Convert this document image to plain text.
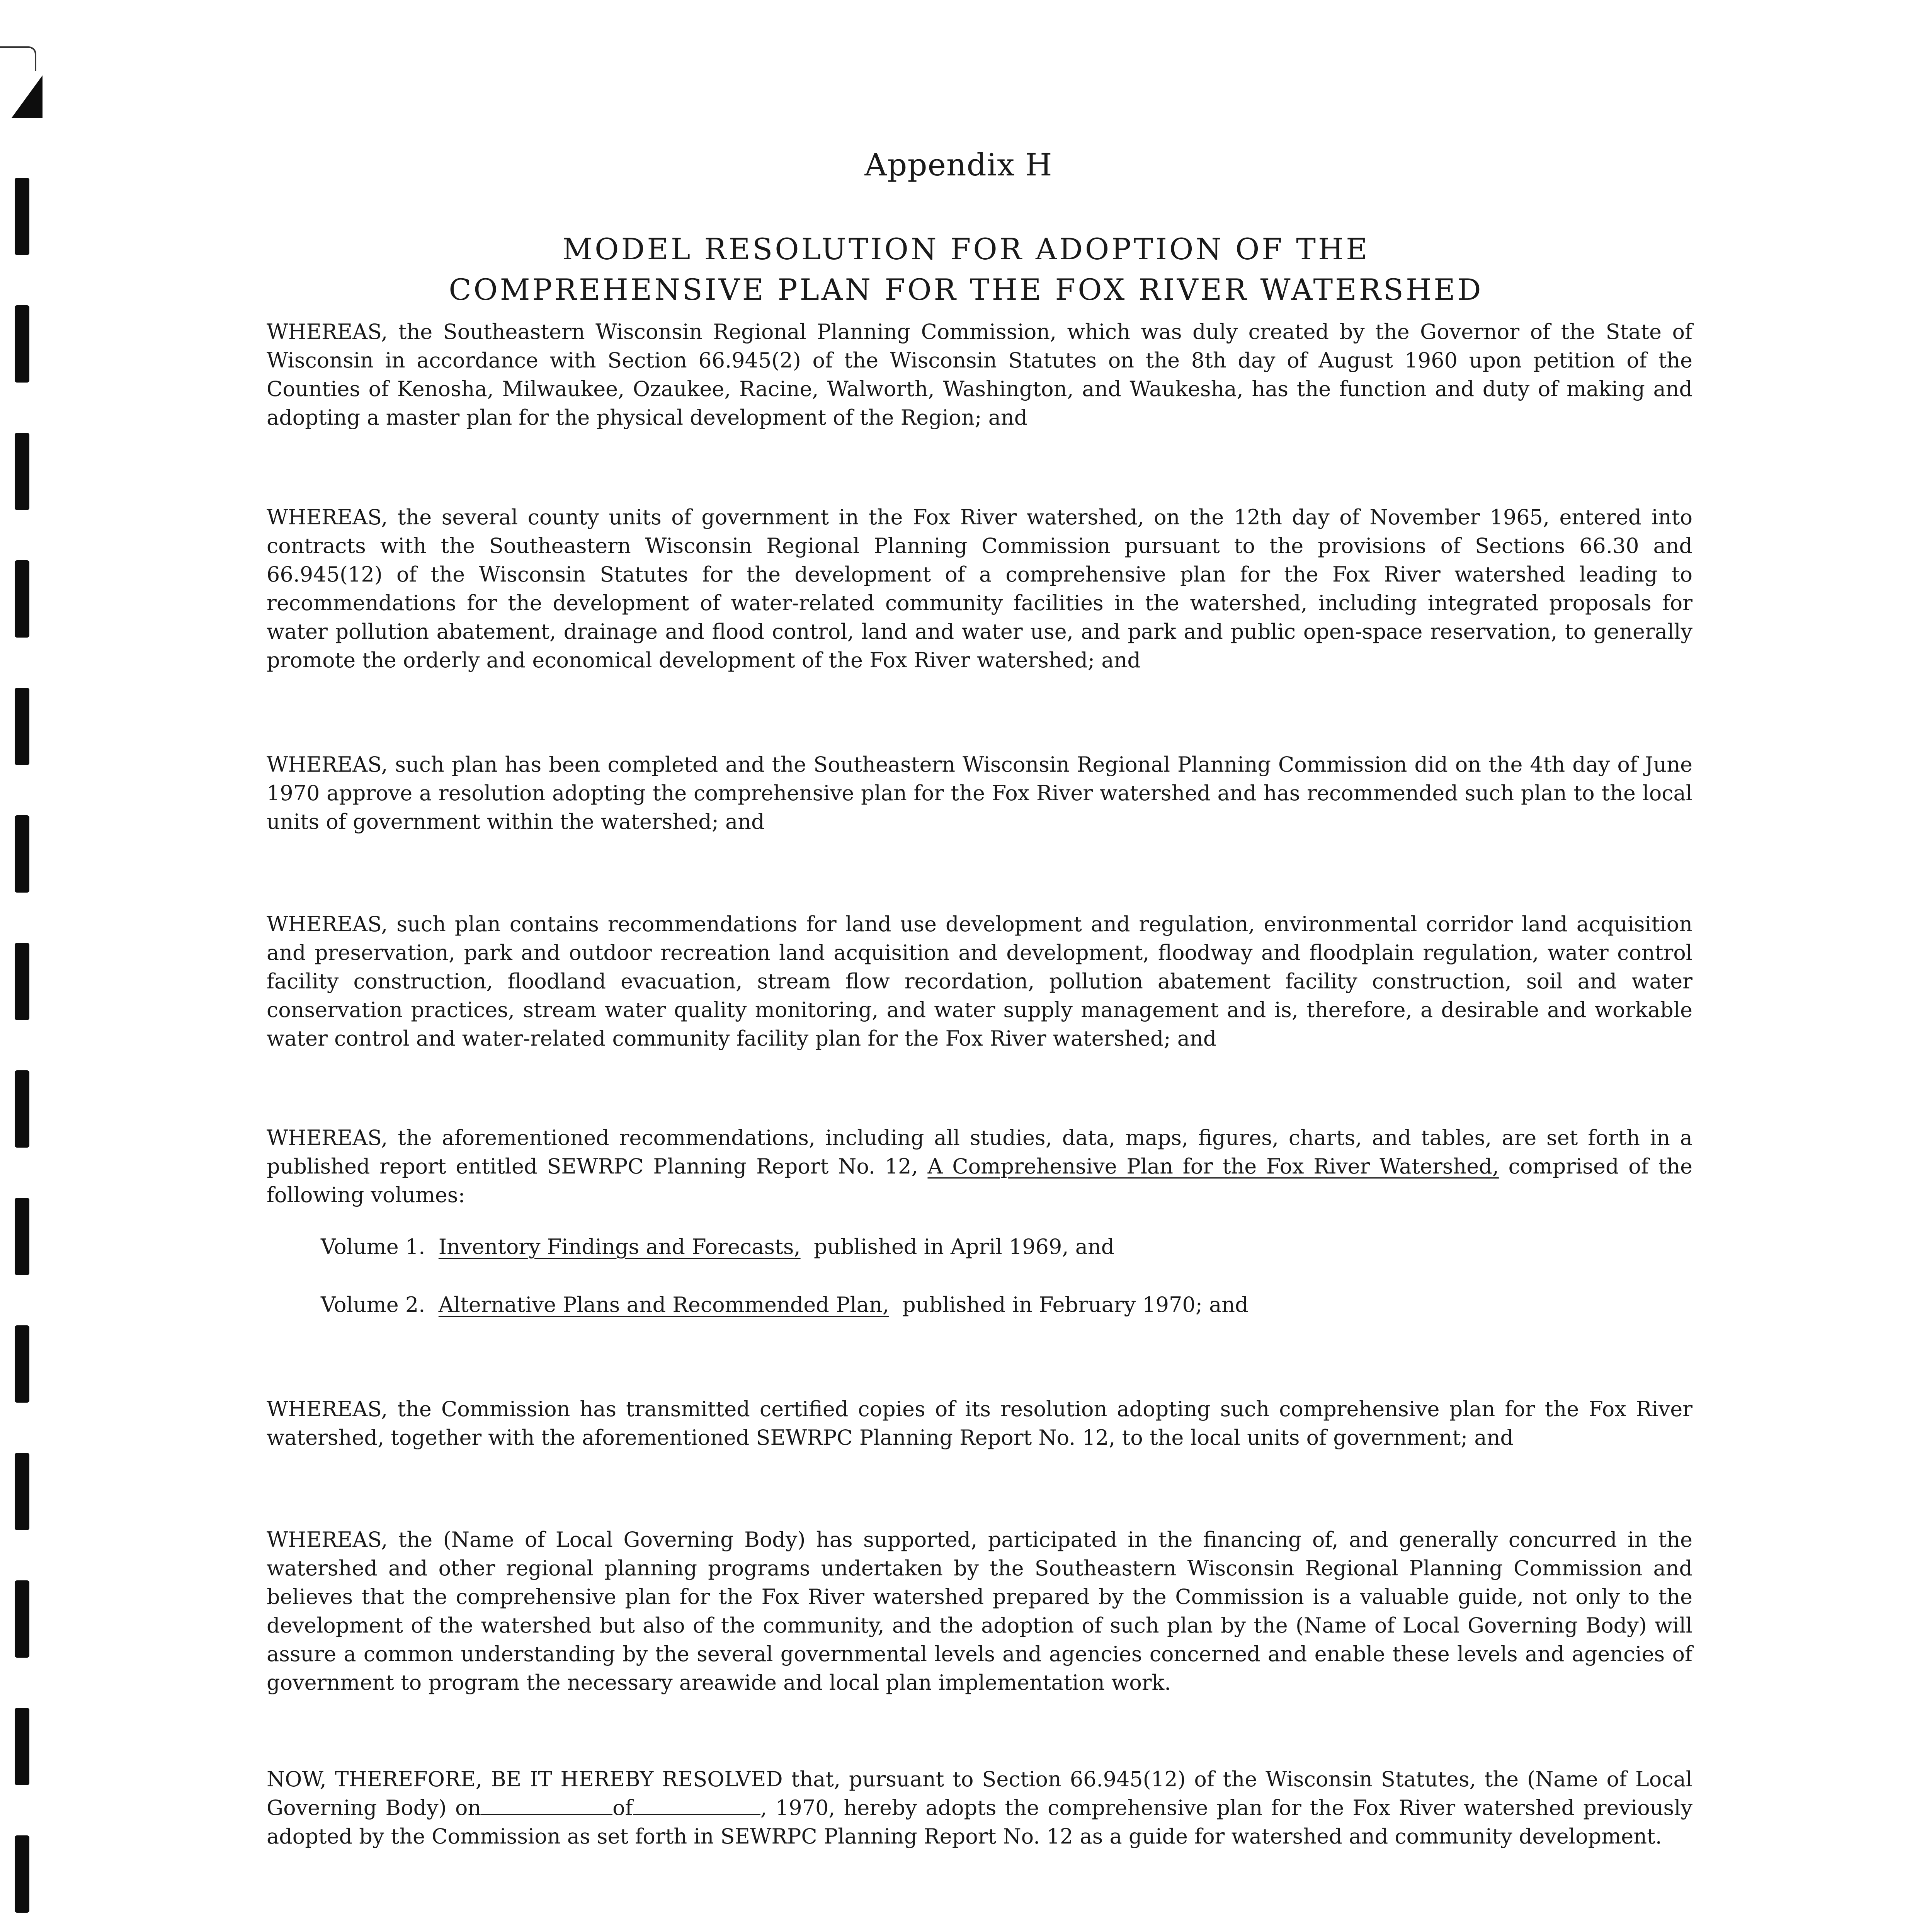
Appendix H
MODEL RESOLUTION FOR ADOPTION OF THE
COMPREHENSIVE PLAN FOR THE FOX RIVER WATERSHED

WHEREAS, the Southeastern Wisconsin Regional Planning Commission, which was duly created by the Governor of the State of Wisconsin in accordance with Section 66.945(2) of the Wisconsin Statutes on the 8th day of August 1960 upon petition of the Counties of Kenosha, Milwaukee, Ozaukee, Racine, Walworth, Washington, and Waukesha, has the function and duty of making and adopting a master plan for the physical development of the Region; and

WHEREAS, the several county units of government in the Fox River watershed, on the 12th day of November 1965, entered into contracts with the Southeastern Wisconsin Regional Planning Commission pursuant to the provisions of Sections 66.30 and 66.945(12) of the Wisconsin Statutes for the development of a comprehensive plan for the Fox River watershed leading to recommendations for the development of water-related community facilities in the watershed, including integrated proposals for water pollution abatement, drainage and flood control, land and water use, and park and public open-space reservation, to generally promote the orderly and economical development of the Fox River watershed; and

WHEREAS, such plan has been completed and the Southeastern Wisconsin Regional Planning Commission did on the 4th day of June 1970 approve a resolution adopting the comprehensive plan for the Fox River watershed and has recommended such plan to the local units of government within the watershed; and

WHEREAS, such plan contains recommendations for land use development and regulation, environmental corridor land acquisition and preservation, park and outdoor recreation land acquisition and development, floodway and floodplain regulation, water control facility construction, floodland evacuation, stream flow recordation, pollution abatement facility construction, soil and water conservation practices, stream water quality monitoring, and water supply management and is, therefore, a desirable and workable water control and water-related community facility plan for the Fox River watershed; and

WHEREAS, the aforementioned recommendations, including all studies, data, maps, figures, charts, and tables, are set forth in a published report entitled SEWRPC Planning Report No. 12, A Comprehensive Plan for the Fox River Watershed, comprised of the following volumes:

Volume 1. Inventory Findings and Forecasts, published in April 1969, and

Volume 2. Alternative Plans and Recommended Plan, published in February 1970; and

WHEREAS, the Commission has transmitted certified copies of its resolution adopting such comprehensive plan for the Fox River watershed, together with the aforementioned SEWRPC Planning Report No. 12, to the local units of government; and

WHEREAS, the (Name of Local Governing Body) has supported, participated in the financing of, and generally concurred in the watershed and other regional planning programs undertaken by the Southeastern Wisconsin Regional Planning Commission and believes that the comprehensive plan for the Fox River watershed prepared by the Commission is a valuable guide, not only to the development of the watershed but also of the community, and the adoption of such plan by the (Name of Local Governing Body) will assure a common understanding by the several governmental levels and agencies concerned and enable these levels and agencies of government to program the necessary areawide and local plan implementation work.

NOW, THEREFORE, BE IT HEREBY RESOLVED that, pursuant to Section 66.945(12) of the Wisconsin Statutes, the (Name of Local Governing Body) on	of	, 1970, hereby adopts the comprehensive plan for the Fox River watershed previously adopted by the Commission as set forth in SEWRPC Planning Report No. 12 as a guide for watershed and community development.
